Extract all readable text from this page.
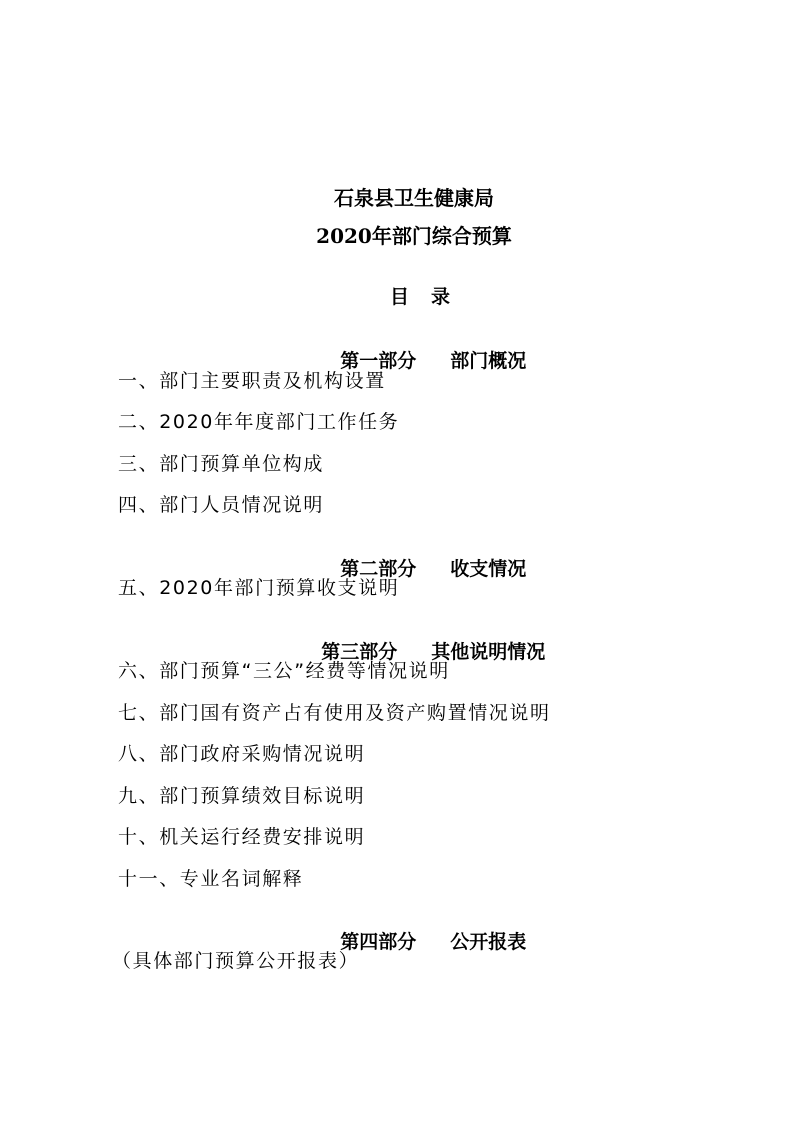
石泉县卫生健康局
2020年部门综合预算
目 录

第一部分 部门概况

一、部门主要职责及机构设置
二、2020年年度部门工作任务
三、部门预算单位构成
四、部门人员情况说明

第二部分 收支情况

五、2020年部门预算收支说明

第三部分 其他说明情况

六、部门预算“三公”经费等情况说明
七、部门国有资产占有使用及资产购置情况说明
八、部门政府采购情况说明
九、部门预算绩效目标说明
十、机关运行经费安排说明
十一、专业名词解释

第四部分 公开报表

（具体部门预算公开报表）
